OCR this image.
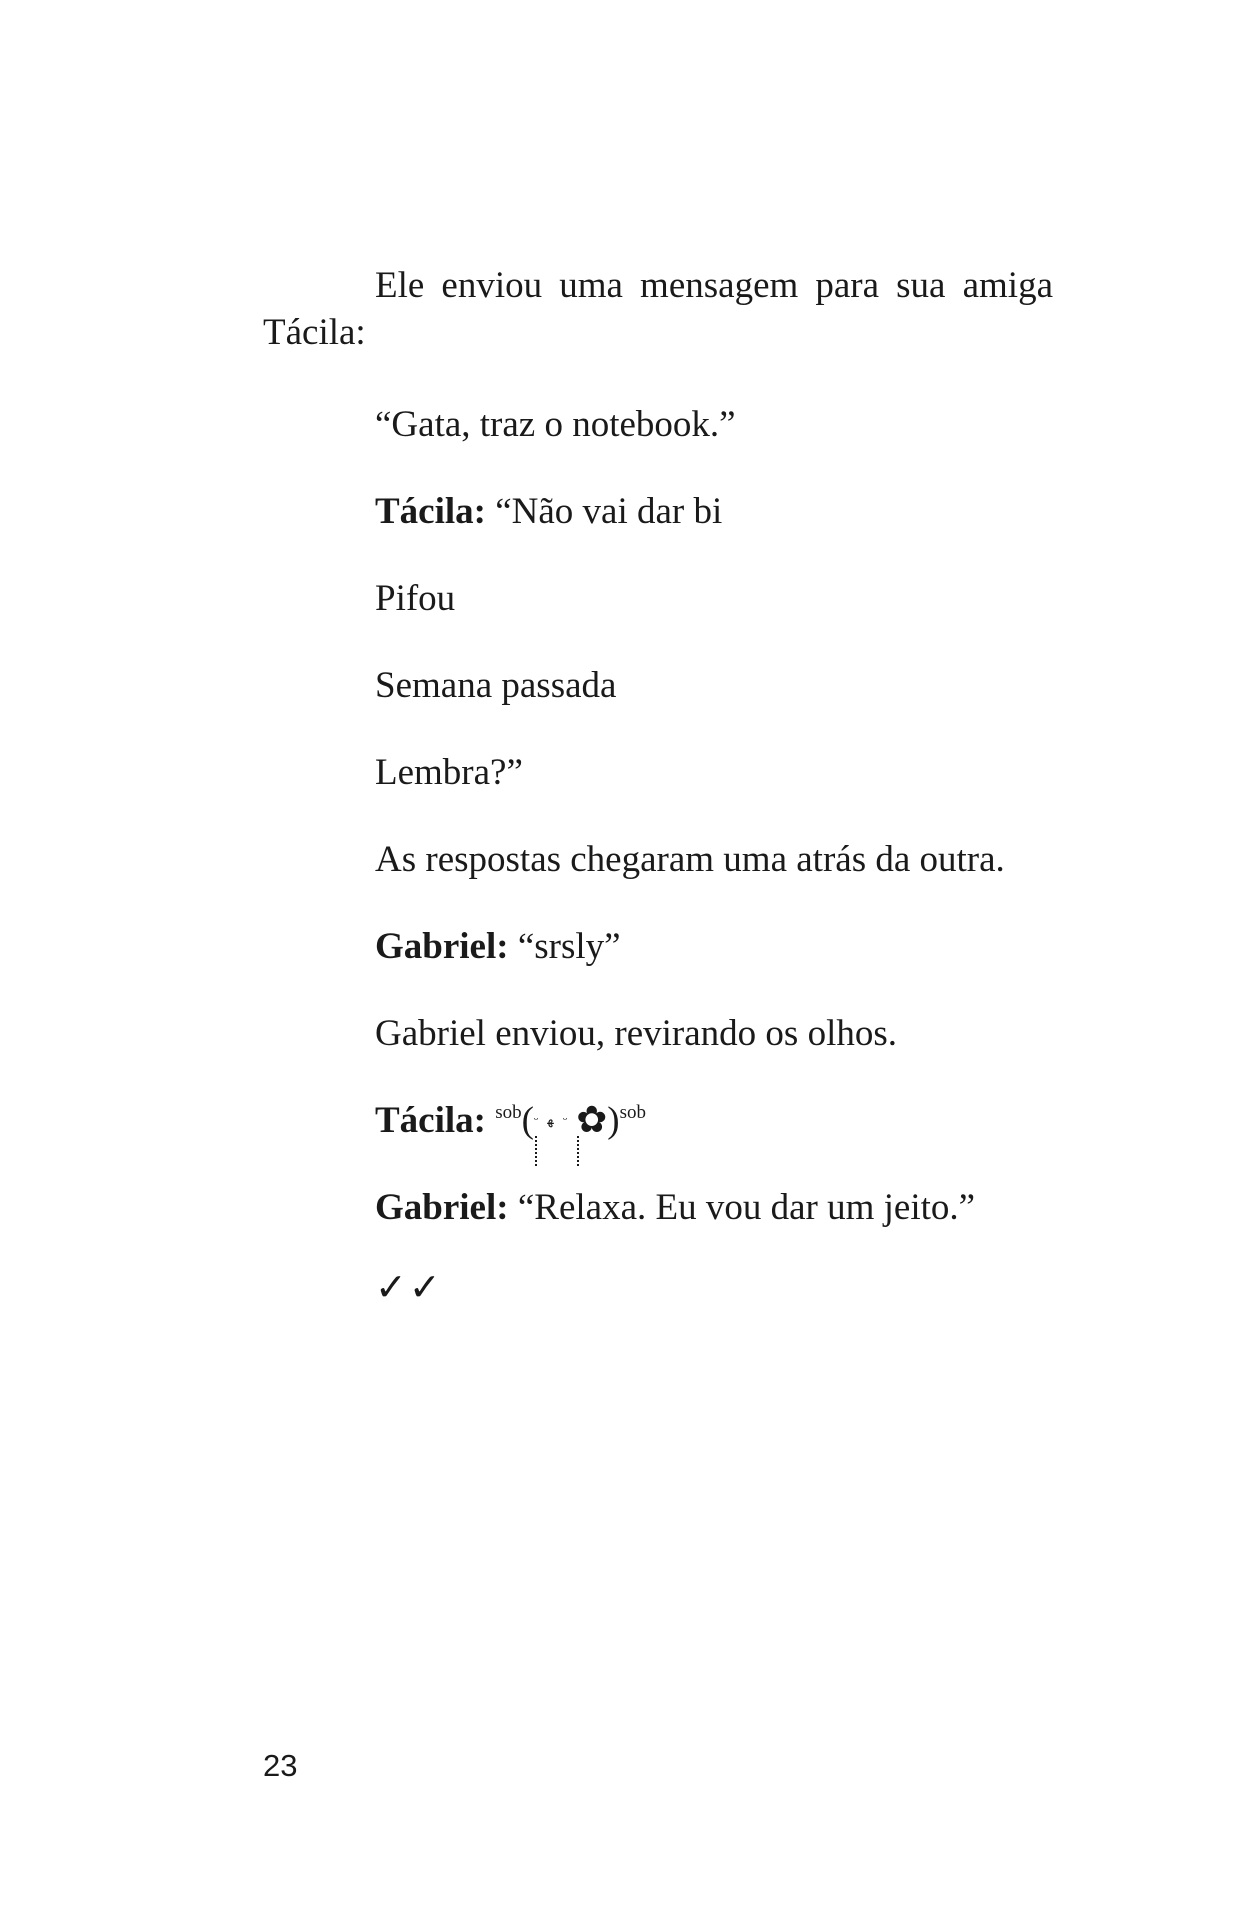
Ele enviou uma mensagem para sua amiga
Tácila:
“Gata, traz o notebook.”
Tácila: “Não vai dar bi
Pifou
Semana passada
Lembra?”
As respostas chegaram uma atrás da outra.
Gabriel: “srsly”
Gabriel enviou, revirando os olhos.
Tácila: $^{sob}$($^ᵕ$ $^ﻬ$ $^ᵕ$ ✿)$^{sob}$
Gabriel: “Relaxa. Eu vou dar um jeito.”
✓✓
23
